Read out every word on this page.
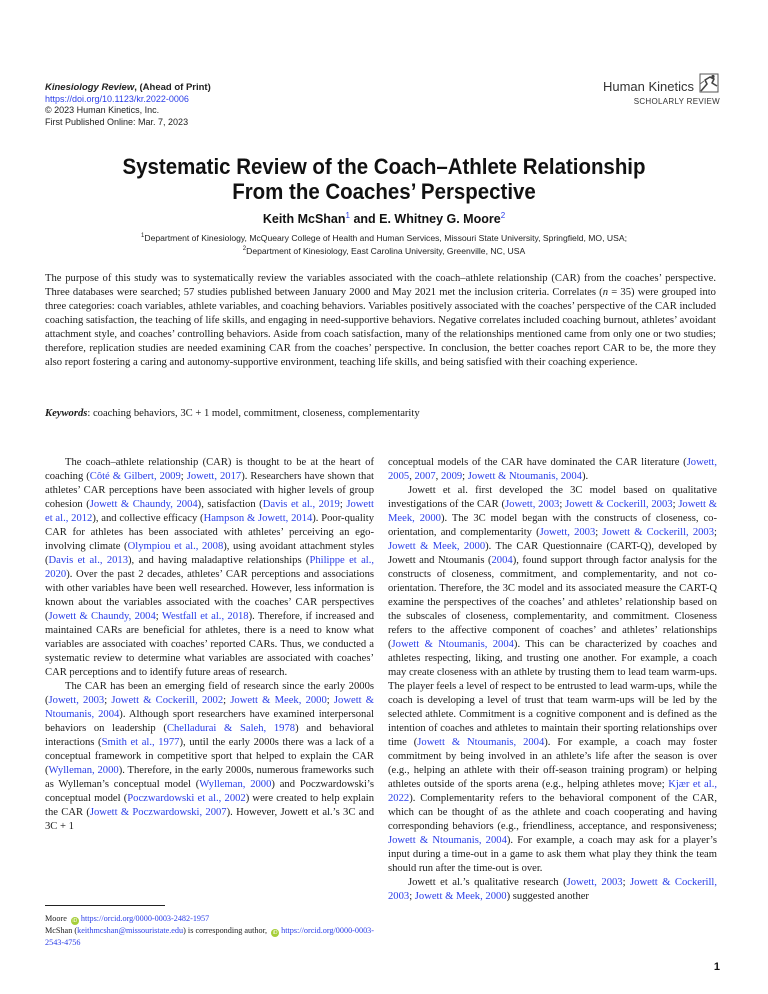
Kinesiology Review, (Ahead of Print)
https://doi.org/10.1123/kr.2022-0006
© 2023 Human Kinetics, Inc.
First Published Online: Mar. 7, 2023
Human Kinetics
SCHOLARLY REVIEW
Systematic Review of the Coach–Athlete Relationship
From the Coaches’ Perspective
Keith McShan$^1$ and E. Whitney G. Moore$^2$
$^1$Department of Kinesiology, McQueary College of Health and Human Services, Missouri State University, Springfield, MO, USA;
$^2$Department of Kinesiology, East Carolina University, Greenville, NC, USA
The purpose of this study was to systematically review the variables associated with the coach–athlete relationship (CAR) from the coaches’ perspective. Three databases were searched; 57 studies published between January 2000 and May 2021 met the inclusion criteria. Correlates (n = 35) were grouped into three categories: coach variables, athlete variables, and coaching behaviors. Variables positively associated with the coaches’ perspective of the CAR included coaching satisfaction, the teaching of life skills, and engaging in need-supportive behaviors. Negative correlates included coaching burnout, athletes’ avoidant attachment style, and coaches’ controlling behaviors. Aside from coach satisfaction, many of the relationships mentioned came from only one or two studies; therefore, replication studies are needed examining CAR from the coaches’ perspective. In conclusion, the better coaches report CAR to be, the more they also report fostering a caring and autonomy-supportive environment, teaching life skills, and being satisfied with their coaching experience.
Keywords: coaching behaviors, 3C + 1 model, commitment, closeness, complementarity

The coach–athlete relationship (CAR) is thought to be at the heart of coaching (Côté & Gilbert, 2009; Jowett, 2017). Researchers have shown that athletes’ CAR perceptions have been associated with higher levels of group cohesion (Jowett & Chaundy, 2004), satisfaction (Davis et al., 2019; Jowett et al., 2012), and collective efficacy (Hampson & Jowett, 2014). Poor-quality CAR for athletes has been associated with athletes’ perceiving an ego-involving climate (Olympiou et al., 2008), using avoidant attachment styles (Davis et al., 2013), and having maladaptive relationships (Philippe et al., 2020). Over the past 2 decades, athletes’ CAR perceptions and associations with other variables have been well researched. However, less information is known about the variables associated with the coaches’ CAR perspectives (Jowett & Chaundy, 2004; Westfall et al., 2018). Therefore, if increased and maintained CARs are beneficial for athletes, there is a need to know what variables are associated with coaches’ reported CARs. Thus, we conducted a systematic review to determine what variables are associated with coaches’ CAR perceptions and to identify future areas of research.

The CAR has been an emerging field of research since the early 2000s (Jowett, 2003; Jowett & Cockerill, 2002; Jowett & Meek, 2000; Jowett & Ntoumanis, 2004). Although sport researchers have examined interpersonal behaviors on leadership (Chelladurai & Saleh, 1978) and behavioral interactions (Smith et al., 1977), until the early 2000s there was a lack of a conceptual framework in competitive sport that helped to explain the CAR (Wylleman, 2000). Therefore, in the early 2000s, numerous frameworks such as Wylleman’s conceptual model (Wylleman, 2000) and Poczwardowski’s conceptual model (Poczwardowski et al., 2002) were created to help explain the CAR (Jowett & Poczwardowski, 2007). However, Jowett et al.’s 3C and 3C + 1

conceptual models of the CAR have dominated the CAR literature (Jowett, 2005, 2007, 2009; Jowett & Ntoumanis, 2004).

Jowett et al. first developed the 3C model based on qualitative investigations of the CAR (Jowett, 2003; Jowett & Cockerill, 2003; Jowett & Meek, 2000). The 3C model began with the constructs of closeness, co-orientation, and complementarity (Jowett, 2003; Jowett & Cockerill, 2003; Jowett & Meek, 2000). The CAR Questionnaire (CART-Q), developed by Jowett and Ntoumanis (2004), found support through factor analysis for the constructs of closeness, commitment, and complementarity, and not co-orientation. Therefore, the 3C model and its associated measure the CART-Q examine the perspectives of the coaches’ and athletes’ relationship based on the subscales of closeness, complementarity, and commitment. Closeness refers to the affective component of coaches’ and athletes’ relationships (Jowett & Ntoumanis, 2004). This can be characterized by coaches and athletes respecting, liking, and trusting one another. For example, a coach may create closeness with an athlete by trusting them to lead team warm-ups. The player feels a level of respect to be entrusted to lead warm-ups, while the coach is developing a level of trust that team warm-ups will be led by the selected athlete. Commitment is a cognitive component and is defined as the intention of coaches and athletes to maintain their sporting relationships over time (Jowett & Ntoumanis, 2004). For example, a coach may foster commitment by being involved in an athlete’s life after the season is over (e.g., helping an athlete with their off-season training program) or helping athletes outside of the sports arena (e.g., helping athletes move; Kjær et al., 2022). Complementarity refers to the behavioral component of the CAR, which can be thought of as the athlete and coach cooperating and having corresponding behaviors (e.g., friendliness, acceptance, and responsiveness; Jowett & Ntoumanis, 2004). For example, a coach may ask for a player’s input during a time-out in a game to ask them what play they think the team should run after the time-out is over.

Jowett et al.’s qualitative research (Jowett, 2003; Jowett & Cockerill, 2003; Jowett & Meek, 2000) suggested another

Moore iD https://orcid.org/0000-0003-2482-1957
McShan (keithmcshan@missouristate.edu) is corresponding author, iD https://orcid.org/0000-0003-2543-4756
1
